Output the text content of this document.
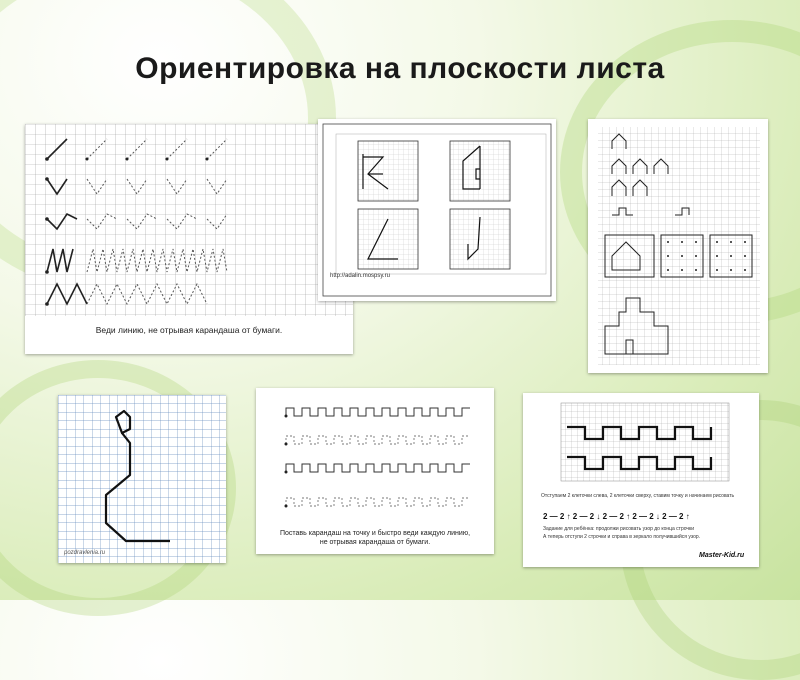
Ориентировка на плоскости листа
Веди линию, не отрывая карандаша от бумаги.
http://adalin.mospsy.ru
pozdravlenia.ru
Поставь карандаш на точку и быстро веди каждую линию,
не отрывая карандаша от бумаги.
2 — 2 ↑ 2 — 2 ↓ 2 — 2 ↑ 2 — 2 ↓ 2 — 2 ↑
Отступаем 2 клеточки слева, 2 клеточки сверху, ставим точку и начинаем рисовать
Задание для ребёнка: продолжи рисовать узор до конца строчки
А теперь отступи 2 строчки и справа в зеркало получившийся узор.
Master-Kid.ru
